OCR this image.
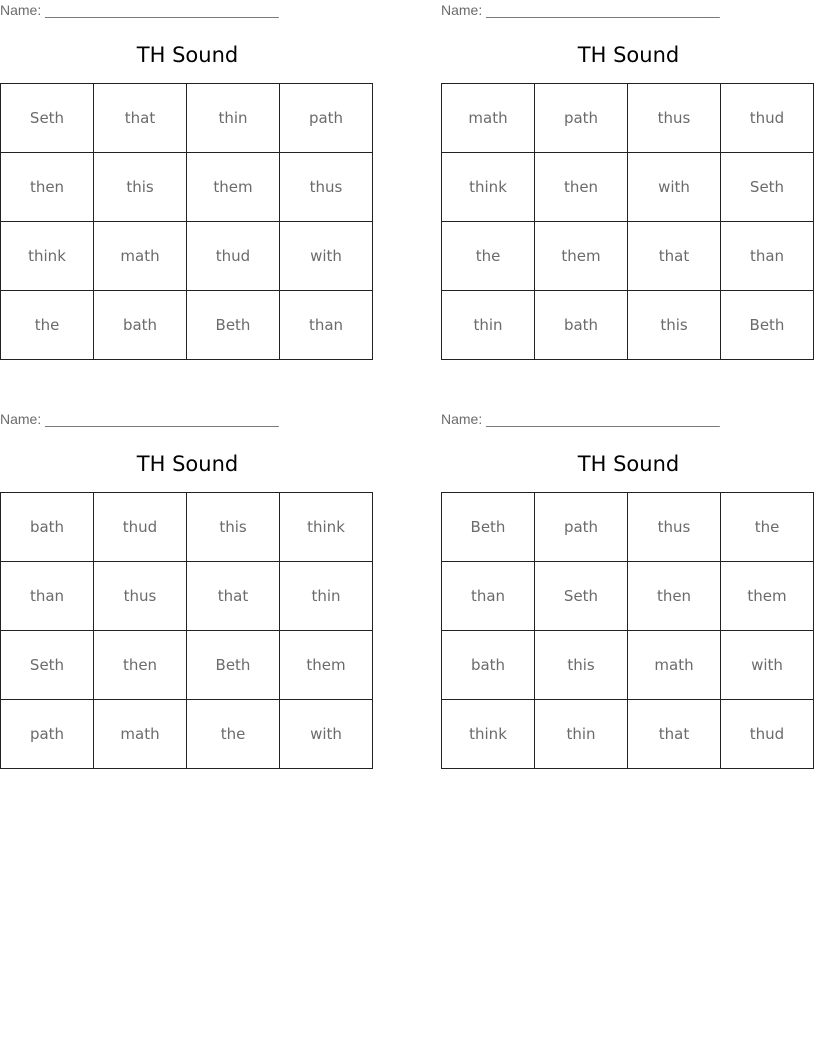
Name: ______________________________
TH Sound
Seth	that	thin	path
then	this	them	thus
think	math	thud	with
the	bath	Beth	than
Name: ______________________________
TH Sound
math	path	thus	thud
think	then	with	Seth
the	them	that	than
thin	bath	this	Beth
Name: ______________________________
TH Sound
bath	thud	this	think
than	thus	that	thin
Seth	then	Beth	them
path	math	the	with
Name: ______________________________
TH Sound
Beth	path	thus	the
than	Seth	then	them
bath	this	math	with
think	thin	that	thud
